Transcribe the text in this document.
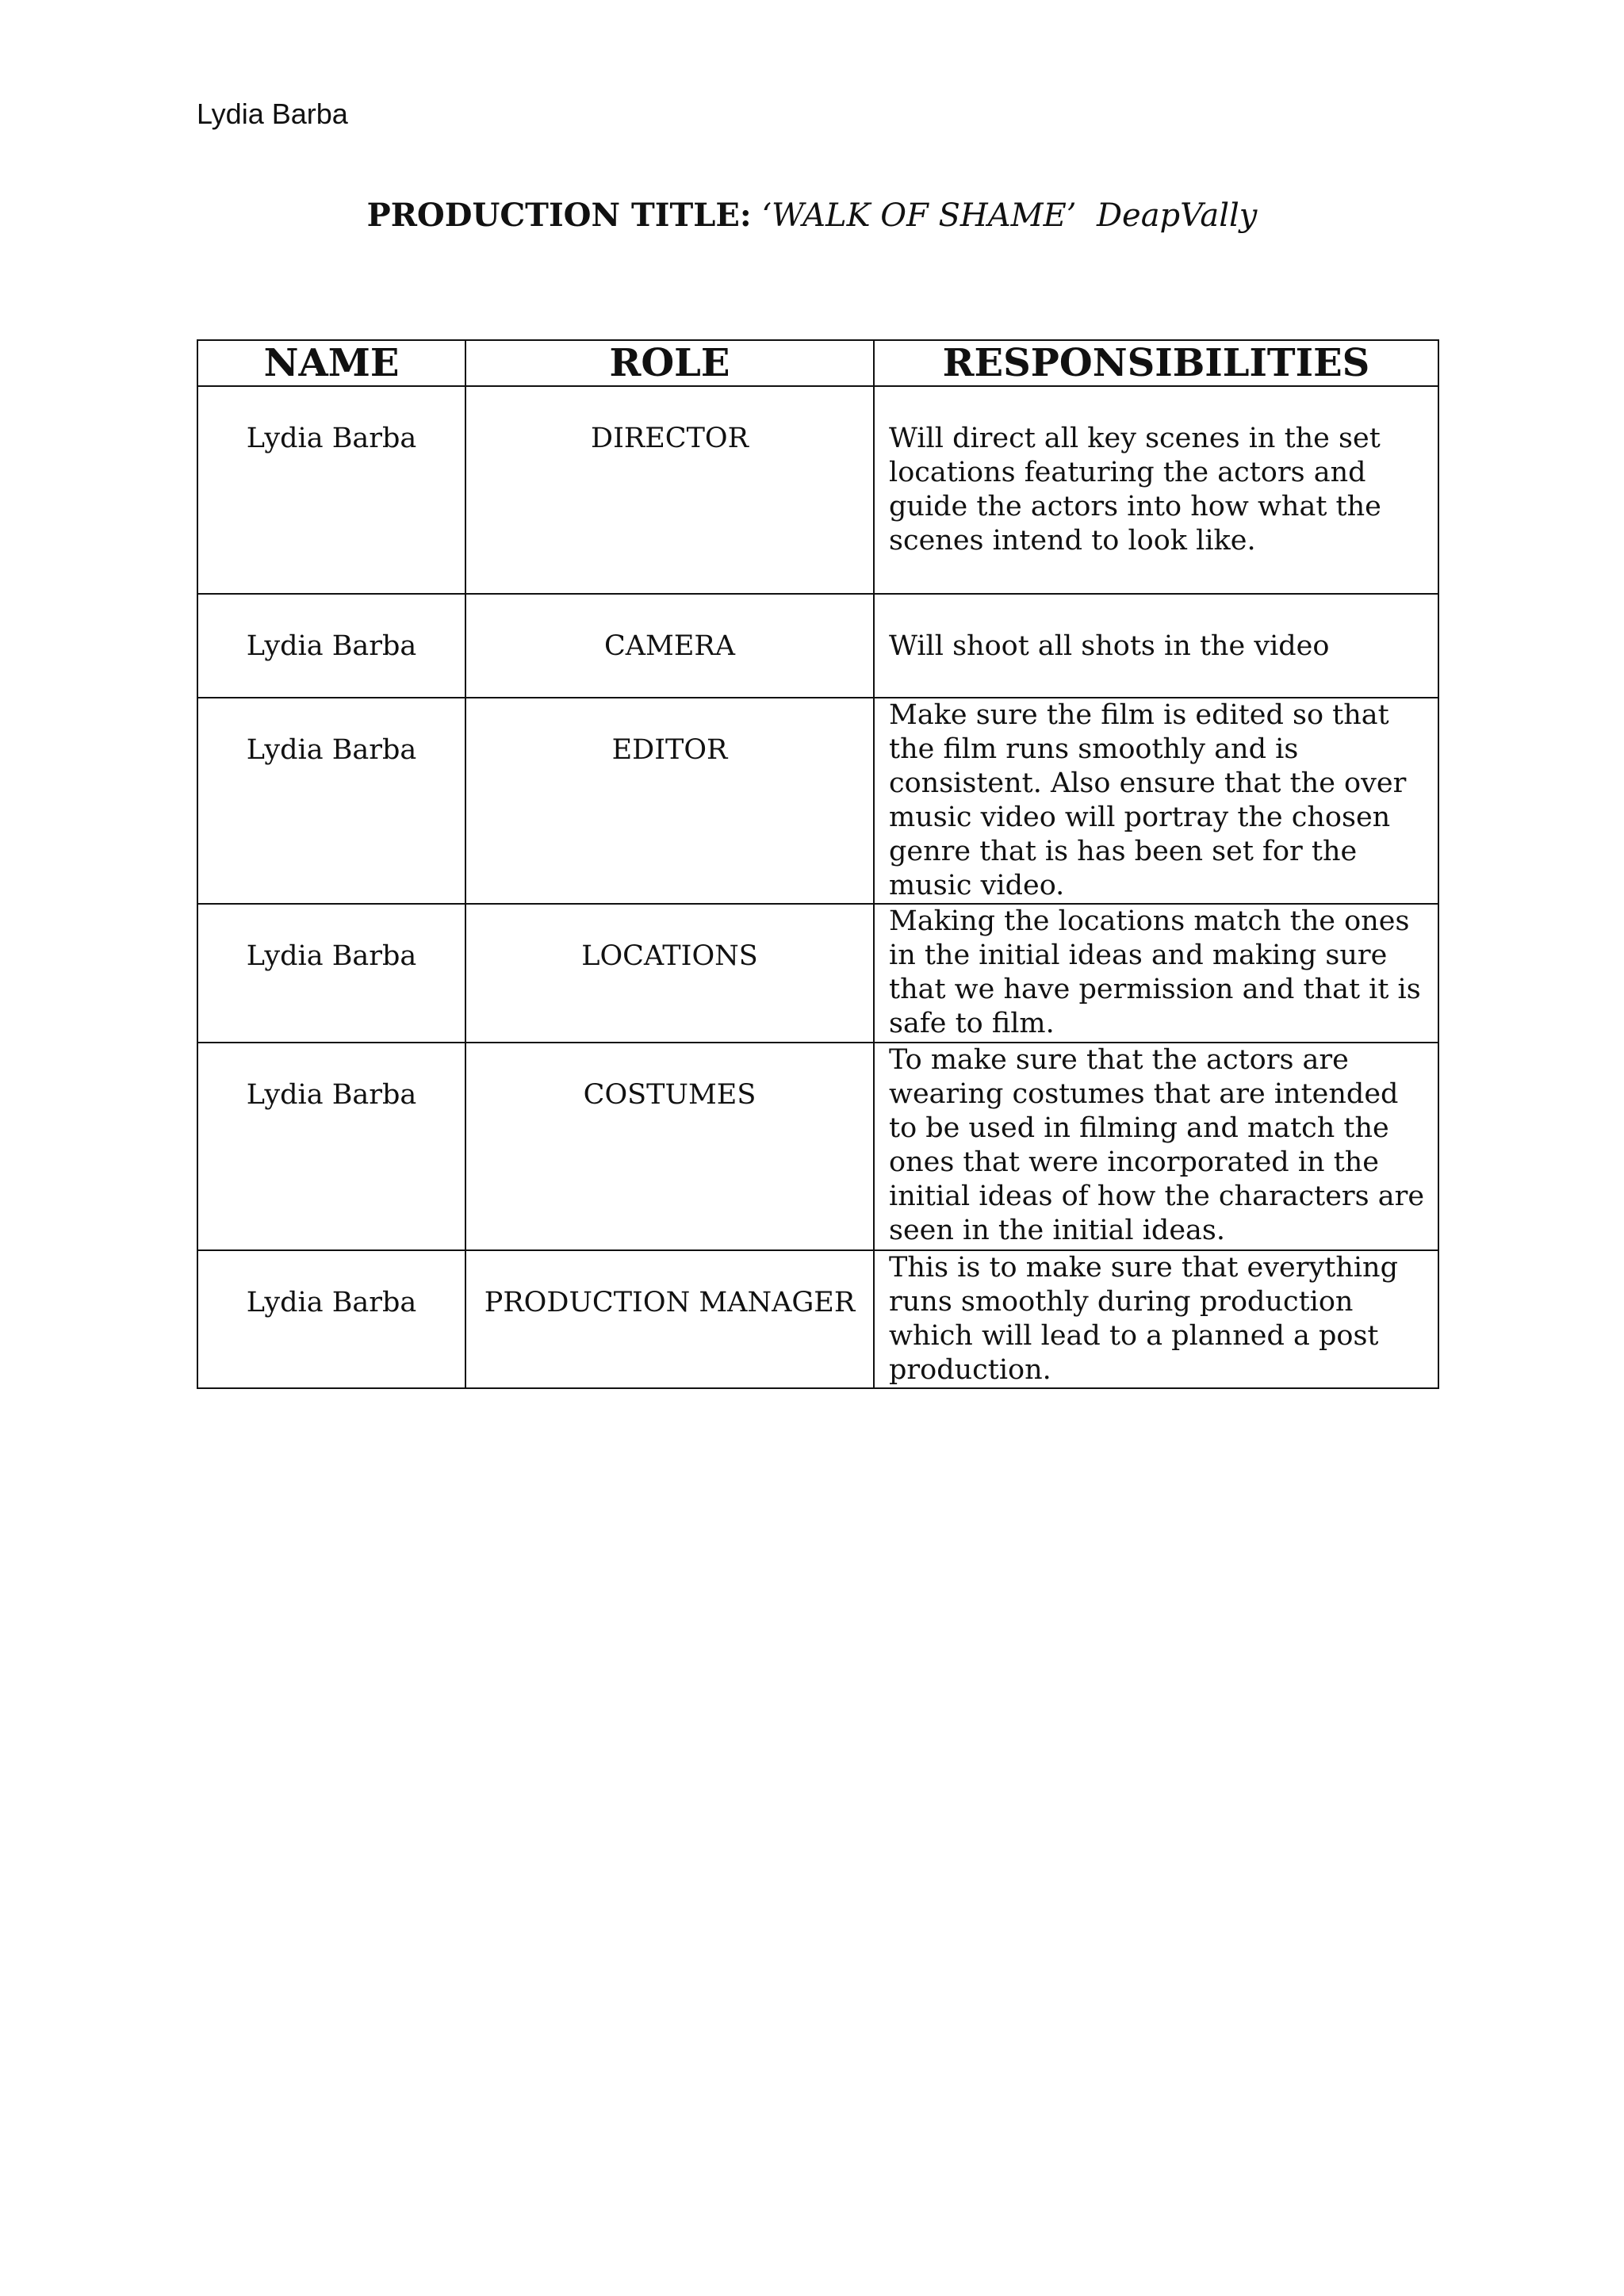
Lydia Barba
PRODUCTION TITLE: ‘WALK OF SHAME’  DeapVally
NAME	ROLE	RESPONSIBILITIES

Lydia Barba	DIRECTOR	Will direct all key scenes in the set locations featuring the actors and guide the actors into how what the scenes intend to look like.

Lydia Barba	CAMERA	Will shoot all shots in the video

Lydia Barba	EDITOR	Make sure the film is edited so that the film runs smoothly and is consistent. Also ensure that the over music video will portray the chosen genre that is has been set for the music video.

Lydia Barba	LOCATIONS	Making the locations match the ones in the initial ideas and making sure that we have permission and that it is safe to film.

Lydia Barba	COSTUMES	To make sure that the actors are wearing costumes that are intended to be used in filming and match the ones that were incorporated in the initial ideas of how the characters are seen in the initial ideas.

Lydia Barba	PRODUCTION MANAGER	This is to make sure that everything runs smoothly during production which will lead to a planned a post production.
